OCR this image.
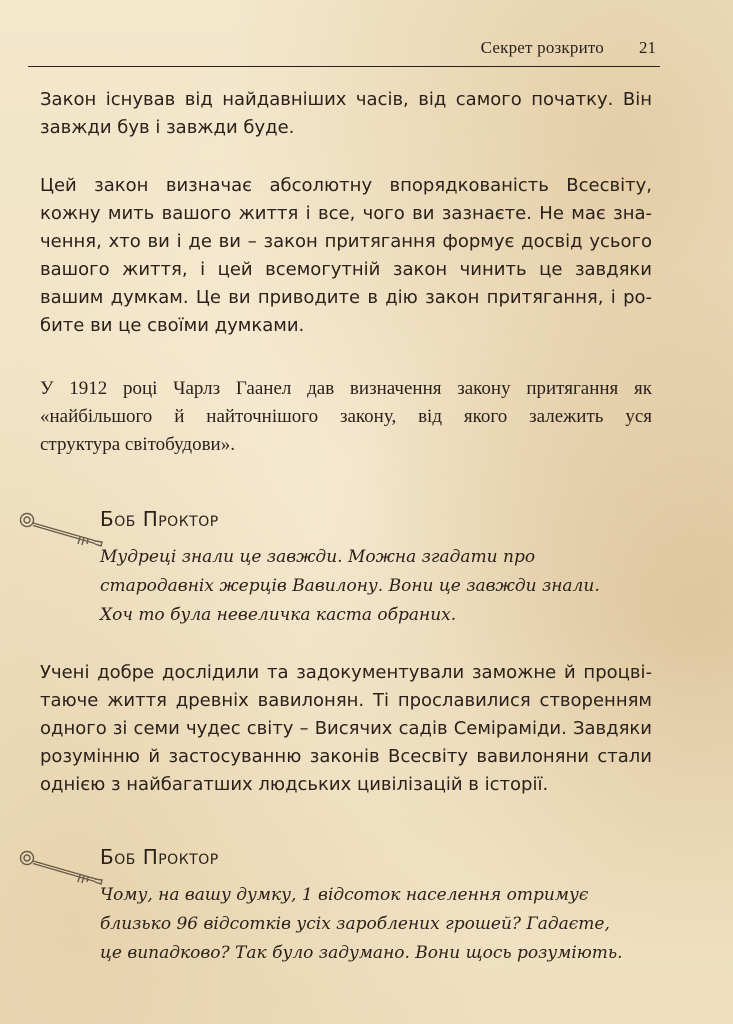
Секрет розкрито 21
Закон існував від найдавніших часів, від самого початку. Він
завжди був і завжди буде.
Цей закон визначає абсолютну впорядкованість Всесвіту,
кожну мить вашого життя і все, чого ви зазнаєте. Не має зна-
чення, хто ви і де ви – закон притягання формує досвід усього
вашого життя, і цей всемогутній закон чинить це завдяки
вашим думкам. Це ви приводите в дію закон притягання, і ро-
бите ви це своїми думками.
У 1912 році Чарлз Гаанел дав визначення закону притягання як
«найбільшого й найточнішого закону, від якого залежить уся
структура світобудови».
Боб Проктор
Мудреці знали це завжди. Можна згадати про
стародавніх жерців Вавилону. Вони це завжди знали.
Хоч то була невеличка каста обраних.
Учені добре дослідили та задокументували заможне й процві-
таюче життя древніх вавилонян. Ті прославилися створенням
одного зі семи чудес світу – Висячих садів Семіраміди. Завдяки
розумінню й застосуванню законів Всесвіту вавилоняни стали
однією з найбагатших людських цивілізацій в історії.
Боб Проктор
Чому, на вашу думку, 1 відсоток населення отримує
близько 96 відсотків усіх зароблених грошей? Гадаєте,
це випадково? Так було задумано. Вони щось розуміють.
